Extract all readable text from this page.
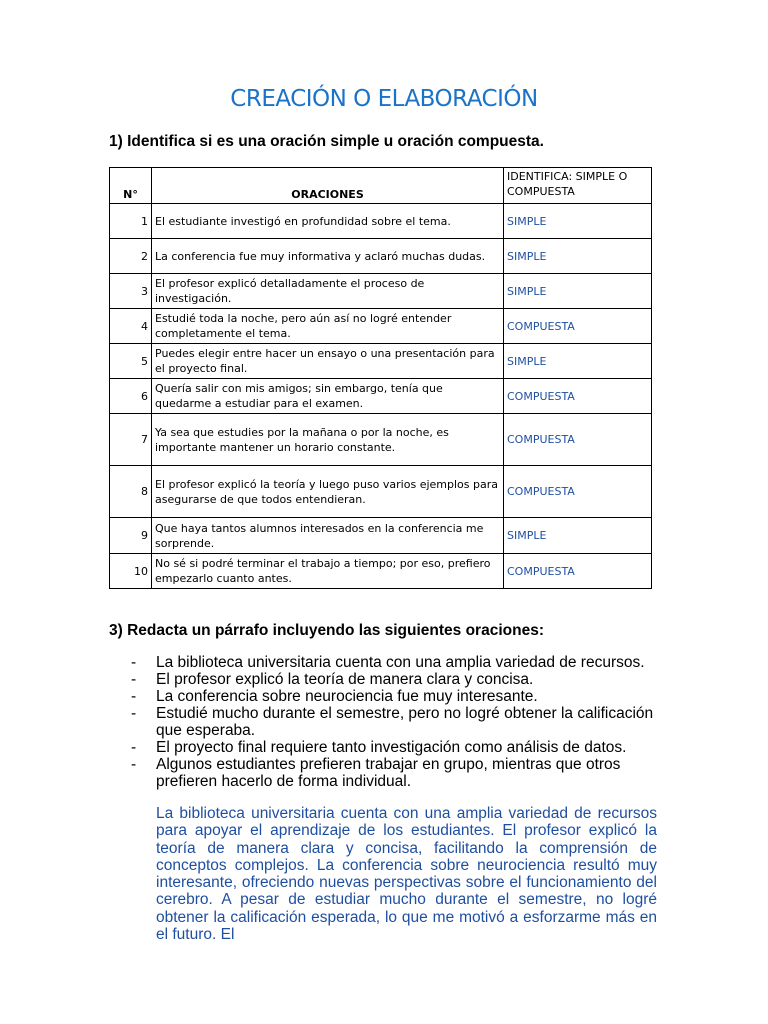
CREACIÓN O ELABORACIÓN
1) Identifica si es una oración simple u oración compuesta.
N°	ORACIONES	IDENTIFICA: SIMPLE O COMPUESTA
1	El estudiante investigó en profundidad sobre el tema.	SIMPLE
2	La conferencia fue muy informativa y aclaró muchas dudas.	SIMPLE
3	El profesor explicó detalladamente el proceso de investigación.	SIMPLE
4	Estudié toda la noche, pero aún así no logré entender completamente el tema.	COMPUESTA
5	Puedes elegir entre hacer un ensayo o una presentación para el proyecto final.	SIMPLE
6	Quería salir con mis amigos; sin embargo, tenía que quedarme a estudiar para el examen.	COMPUESTA
7	Ya sea que estudies por la mañana o por la noche, es importante mantener un horario constante.	COMPUESTA
8	El profesor explicó la teoría y luego puso varios ejemplos para asegurarse de que todos entendieran.	COMPUESTA
9	Que haya tantos alumnos interesados en la conferencia me sorprende.	SIMPLE
10	No sé si podré terminar el trabajo a tiempo; por eso, prefiero empezarlo cuanto antes.	COMPUESTA
3) Redacta un párrafo incluyendo las siguientes oraciones:
- La biblioteca universitaria cuenta con una amplia variedad de recursos.
- El profesor explicó la teoría de manera clara y concisa.
- La conferencia sobre neurociencia fue muy interesante.
- Estudié mucho durante el semestre, pero no logré obtener la calificación que esperaba.
- El proyecto final requiere tanto investigación como análisis de datos.
- Algunos estudiantes prefieren trabajar en grupo, mientras que otros prefieren hacerlo de forma individual.

La biblioteca universitaria cuenta con una amplia variedad de recursos para apoyar el aprendizaje de los estudiantes. El profesor explicó la teoría de manera clara y concisa, facilitando la comprensión de conceptos complejos. La conferencia sobre neurociencia resultó muy interesante, ofreciendo nuevas perspectivas sobre el funcionamiento del cerebro. A pesar de estudiar mucho durante el semestre, no logré obtener la calificación esperada, lo que me motivó a esforzarme más en el futuro. El
